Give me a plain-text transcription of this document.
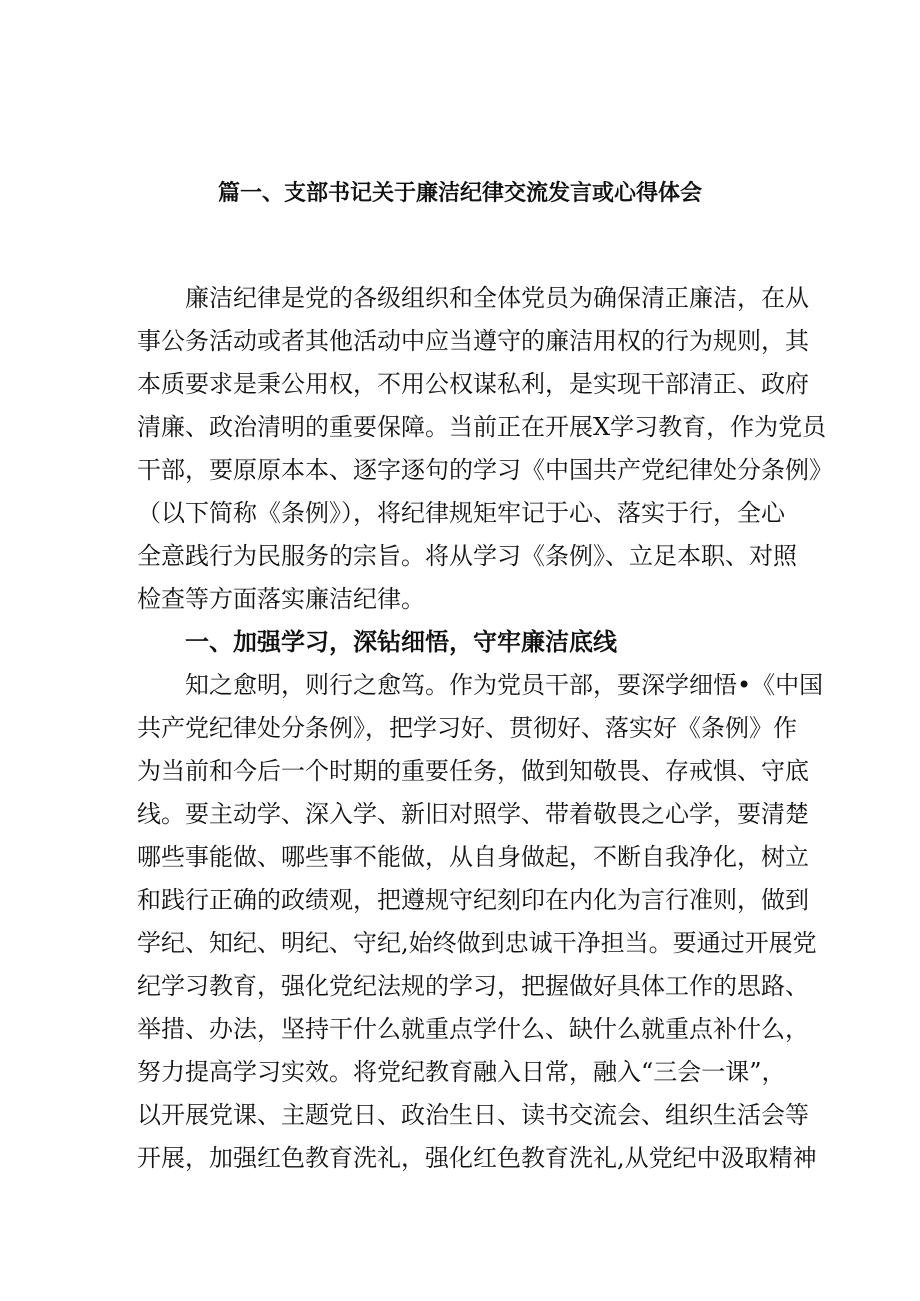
篇一、支部书记关于廉洁纪律交流发言或心得体会
廉洁纪律是党的各级组织和全体党员为确保清正廉洁，在从
事公务活动或者其他活动中应当遵守的廉洁用权的行为规则，其
本质要求是秉公用权，不用公权谋私利，是实现干部清正、政府
清廉、政治清明的重要保障。当前正在开展X学习教育，作为党员
干部，要原原本本、逐字逐句的学习《中国共产党纪律处分条例》
（以下简称《条例》），将纪律规矩牢记于心、落实于行，全心
全意践行为民服务的宗旨。将从学习《条例》、立足本职、对照
检查等方面落实廉洁纪律。
一、加强学习，深钻细悟，守牢廉洁底线
知之愈明，则行之愈笃。作为党员干部，要深学细悟•《中国
共产党纪律处分条例》，把学习好、贯彻好、落实好《条例》作
为当前和今后一个时期的重要任务，做到知敬畏、存戒惧、守底
线。要主动学、深入学、新旧对照学、带着敬畏之心学，要清楚
哪些事能做、哪些事不能做，从自身做起，不断自我净化，树立
和践行正确的政绩观，把遵规守纪刻印在内化为言行准则，做到
学纪、知纪、明纪、守纪,始终做到忠诚干净担当。要通过开展党
纪学习教育，强化党纪法规的学习，把握做好具体工作的思路、
举措、办法，坚持干什么就重点学什么、缺什么就重点补什么，
努力提高学习实效。将党纪教育融入日常，融入“三会一课”，
以开展党课、主题党日、政治生日、读书交流会、组织生活会等
开展，加强红色教育洗礼，强化红色教育洗礼,从党纪中汲取精神
